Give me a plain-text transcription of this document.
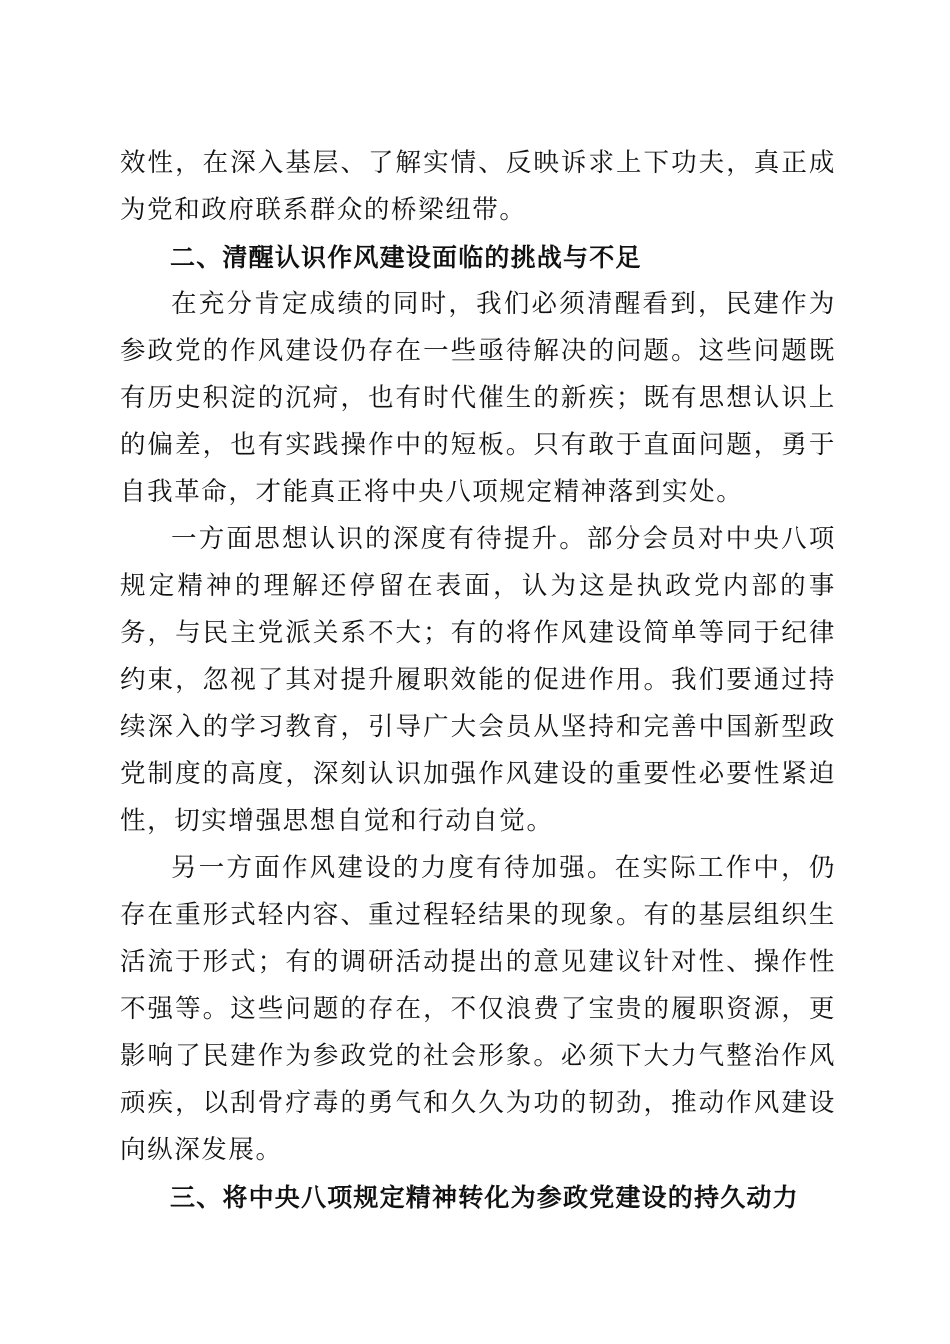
效性，在深入基层、了解实情、反映诉求上下功夫，真正成为党和政府联系群众的桥梁纽带。

二、清醒认识作风建设面临的挑战与不足

在充分肯定成绩的同时，我们必须清醒看到，民建作为参政党的作风建设仍存在一些亟待解决的问题。这些问题既有历史积淀的沉疴，也有时代催生的新疾；既有思想认识上的偏差，也有实践操作中的短板。只有敢于直面问题，勇于自我革命，才能真正将中央八项规定精神落到实处。

一方面思想认识的深度有待提升。部分会员对中央八项规定精神的理解还停留在表面，认为这是执政党内部的事务，与民主党派关系不大；有的将作风建设简单等同于纪律约束，忽视了其对提升履职效能的促进作用。我们要通过持续深入的学习教育，引导广大会员从坚持和完善中国新型政党制度的高度，深刻认识加强作风建设的重要性必要性紧迫性，切实增强思想自觉和行动自觉。

另一方面作风建设的力度有待加强。在实际工作中，仍存在重形式轻内容、重过程轻结果的现象。有的基层组织生活流于形式；有的调研活动提出的意见建议针对性、操作性不强等。这些问题的存在，不仅浪费了宝贵的履职资源，更影响了民建作为参政党的社会形象。必须下大力气整治作风顽疾，以刮骨疗毒的勇气和久久为功的韧劲，推动作风建设向纵深发展。

三、将中央八项规定精神转化为参政党建设的持久动力
